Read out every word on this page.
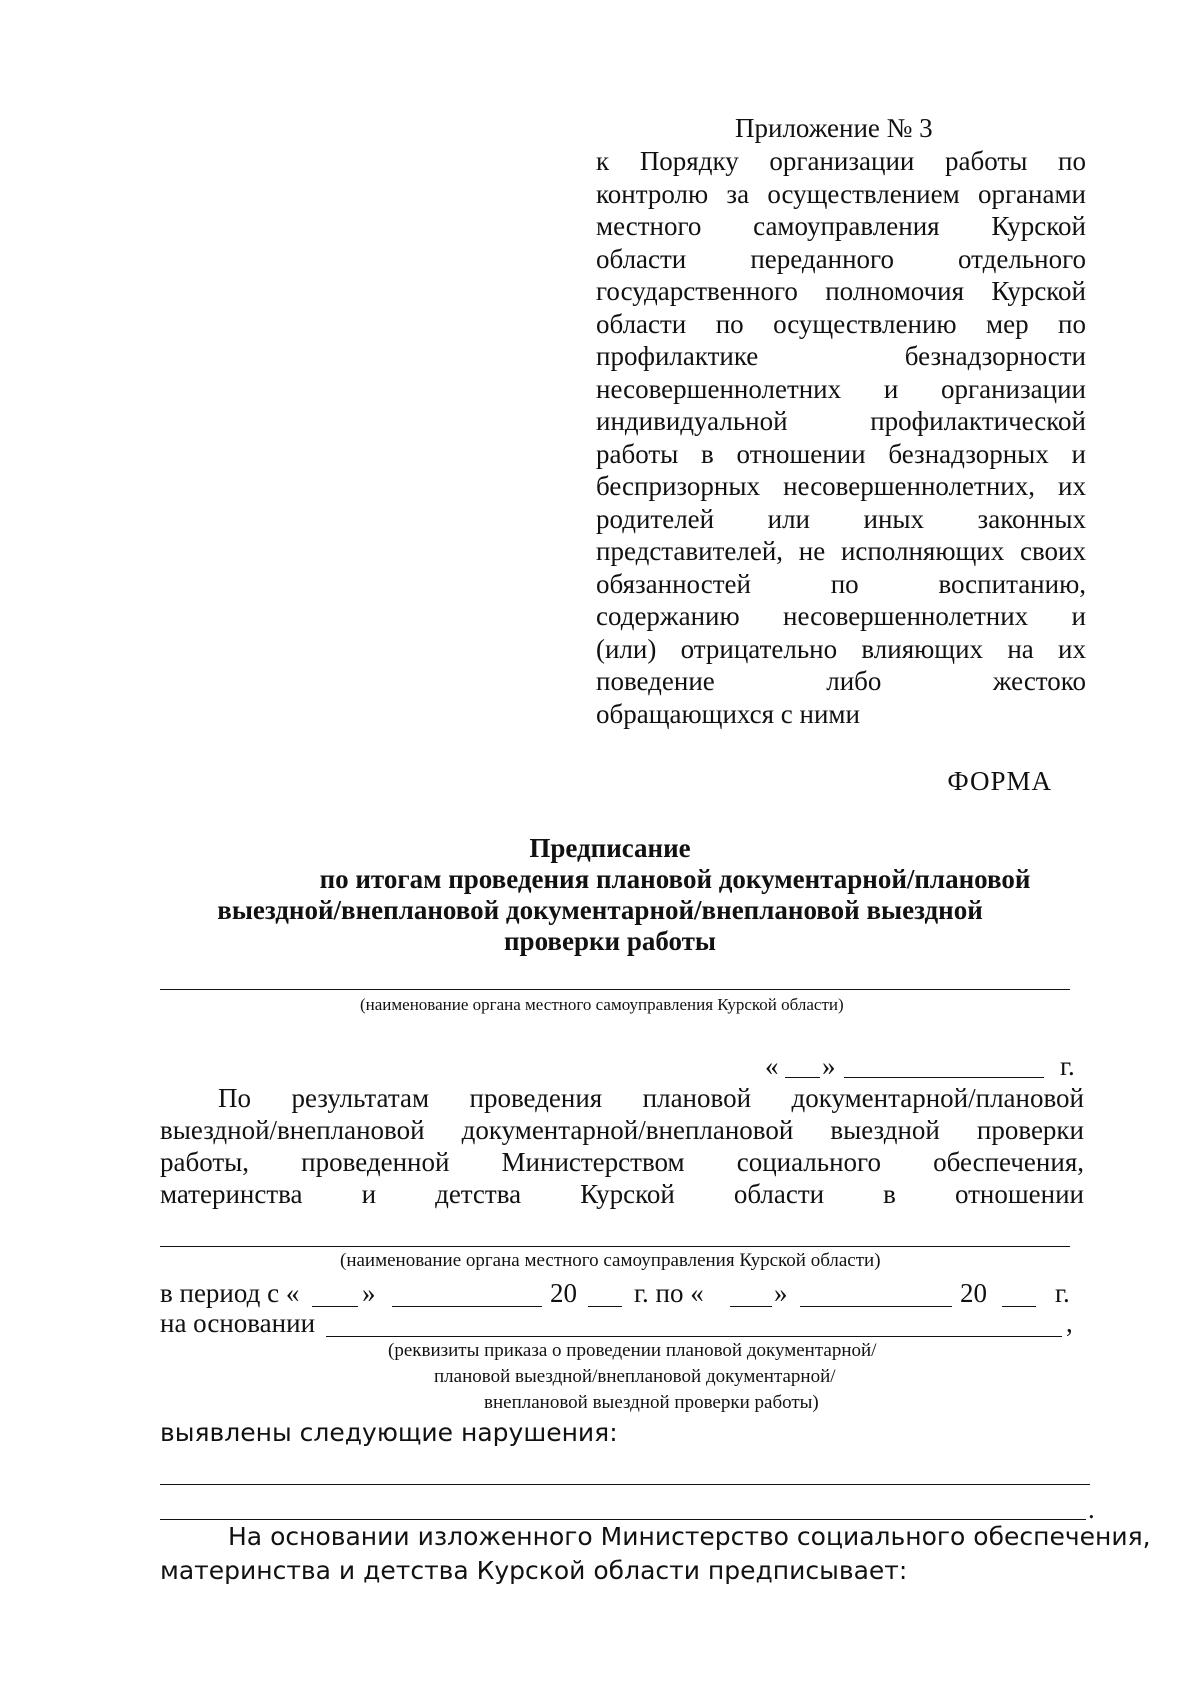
Приложение № 3
к Порядку организации работы по
контролю за осуществлением органами
местного самоуправления Курской
области переданного отдельного
государственного полномочия Курской
области по осуществлению мер по
профилактике безнадзорности
несовершеннолетних и организации
индивидуальной профилактической
работы в отношении безнадзорных и
беспризорных несовершеннолетних, их
родителей или иных законных
представителей, не исполняющих своих
обязанностей по воспитанию,
содержанию несовершеннолетних и
(или) отрицательно влияющих на их
поведение либо жестоко
обращающихся с ними
ФОРМА
Предписание
по итогам проведения плановой документарной/плановой
выездной/внеплановой документарной/внеплановой выездной
проверки работы
(наименование органа местного самоуправления Курской области)
« »	г.
По результатам проведения плановой документарной/плановой
выездной/внеплановой документарной/внеплановой выездной проверки
работы, проведенной Министерством социального обеспечения,
материнства и детства Курской области в отношении
(наименование органа местного самоуправления Курской области)
в период с « »	20 г. по «	»	20	г.
на основании	,
(реквизиты приказа о проведении плановой документарной/
плановой выездной/внеплановой документарной/
внеплановой выездной проверки работы)
выявлены следующие нарушения:
.
На основании изложенного Министерство социального обеспечения,
материнства и детства Курской области предписывает:
